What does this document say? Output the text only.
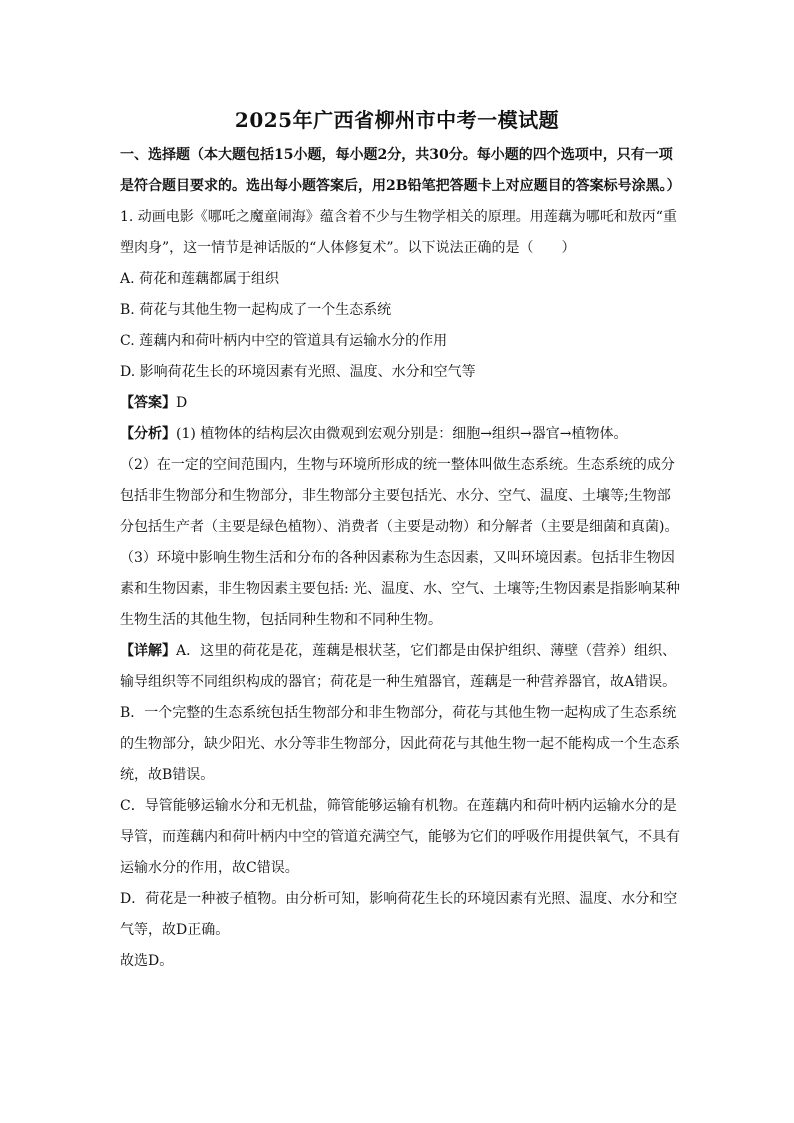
2025年广西省柳州市中考一模试题

一、选择题（本大题包括15小题，每小题2分，共30分。每小题的四个选项中，只有一项是符合题目要求的。选出每小题答案后，用2B铅笔把答题卡上对应题目的答案标号涂黑。）

1. 动画电影《哪吒之魔童闹海》蕴含着不少与生物学相关的原理。用莲藕为哪吒和敖丙“重塑肉身”，这一情节是神话版的“人体修复术”。以下说法正确的是（　　）

A. 荷花和莲藕都属于组织

B. 荷花与其他生物一起构成了一个生态系统

C. 莲藕内和荷叶柄内中空的管道具有运输水分的作用

D. 影响荷花生长的环境因素有光照、温度、水分和空气等

【答案】D

【分析】(1) 植物体的结构层次由微观到宏观分别是：细胞→组织→器官→植物体。

（2）在一定的空间范围内，生物与环境所形成的统一整体叫做生态系统。生态系统的成分包括非生物部分和生物部分，非生物部分主要包括光、水分、空气、温度、土壤等;生物部分包括生产者（主要是绿色植物）、消费者（主要是动物）和分解者（主要是细菌和真菌)。

（3）环境中影响生物生活和分布的各种因素称为生态因素，又叫环境因素。包括非生物因素和生物因素，非生物因素主要包括: 光、温度、水、空气、土壤等;生物因素是指影响某种生物生活的其他生物，包括同种生物和不同种生物。

【详解】A．这里的荷花是花，莲藕是根状茎，它们都是由保护组织、薄壁（营养）组织、输导组织等不同组织构成的器官；荷花是一种生殖器官，莲藕是一种营养器官，故A错误。

B．一个完整的生态系统包括生物部分和非生物部分，荷花与其他生物一起构成了生态系统的生物部分，缺少阳光、水分等非生物部分，因此荷花与其他生物一起不能构成一个生态系统，故B错误。

C．导管能够运输水分和无机盐，筛管能够运输有机物。在莲藕内和荷叶柄内运输水分的是导管，而莲藕内和荷叶柄内中空的管道充满空气，能够为它们的呼吸作用提供氧气，不具有运输水分的作用，故C错误。

D．荷花是一种被子植物。由分析可知，影响荷花生长的环境因素有光照、温度、水分和空气等，故D正确。

故选D。
